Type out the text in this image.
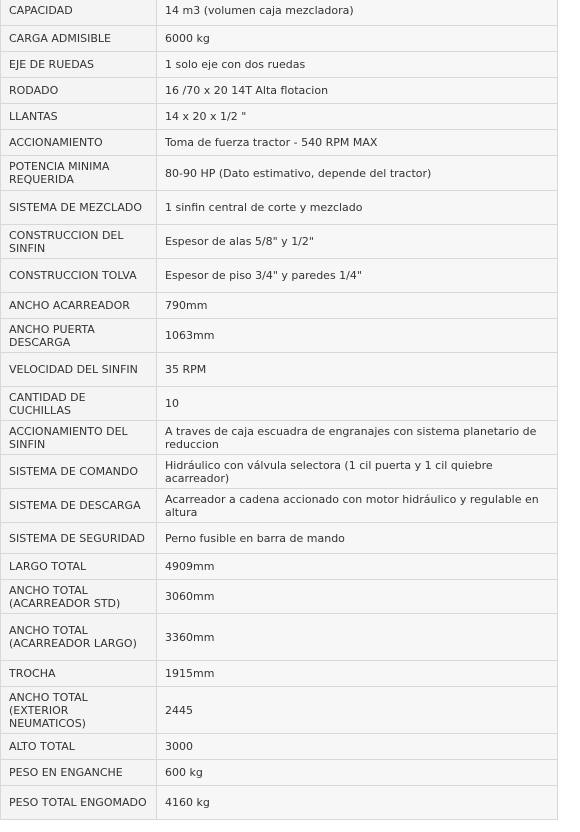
CAPACIDAD	14 m3 (volumen caja mezcladora)
CARGA ADMISIBLE	6000 kg
EJE DE RUEDAS	1 solo eje con dos ruedas
RODADO	16 /70 x 20 14T Alta flotacion
LLANTAS	14 x 20 x 1/2 "
ACCIONAMIENTO	Toma de fuerza tractor - 540 RPM MAX
POTENCIA MINIMA REQUERIDA	80-90 HP (Dato estimativo, depende del tractor)
SISTEMA DE MEZCLADO	1 sinfin central de corte y mezclado
CONSTRUCCION DEL SINFIN	Espesor de alas 5/8" y 1/2"
CONSTRUCCION TOLVA	Espesor de piso 3/4" y paredes 1/4"
ANCHO ACARREADOR	790mm
ANCHO PUERTA DESCARGA	1063mm
VELOCIDAD DEL SINFIN	35 RPM
CANTIDAD DE CUCHILLAS	10
ACCIONAMIENTO DEL SINFIN	A traves de caja escuadra de engranajes con sistema planetario de reduccion
SISTEMA DE COMANDO	Hidráulico con válvula selectora (1 cil puerta y 1 cil quiebre acarreador)
SISTEMA DE DESCARGA	Acarreador a cadena accionado con motor hidráulico y regulable en altura
SISTEMA DE SEGURIDAD	Perno fusible en barra de mando
LARGO TOTAL	4909mm
ANCHO TOTAL (ACARREADOR STD)	3060mm
ANCHO TOTAL (ACARREADOR LARGO)	3360mm
TROCHA	1915mm
ANCHO TOTAL (EXTERIOR NEUMATICOS)	2445
ALTO TOTAL	3000
PESO EN ENGANCHE	600 kg
PESO TOTAL ENGOMADO	4160 kg
